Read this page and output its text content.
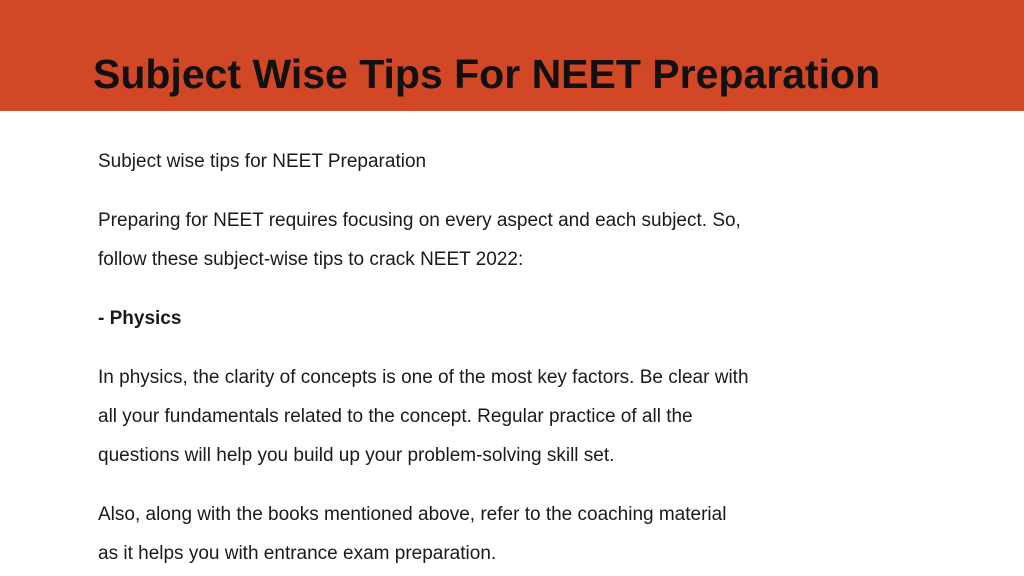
Subject Wise Tips For NEET Preparation

Subject wise tips for NEET Preparation

Preparing for NEET requires focusing on every aspect and each subject. So,

follow these subject-wise tips to crack NEET 2022:

- Physics

In physics, the clarity of concepts is one of the most key factors. Be clear with

all your fundamentals related to the concept. Regular practice of all the

questions will help you build up your problem-solving skill set.

Also, along with the books mentioned above, refer to the coaching material

as it helps you with entrance exam preparation.
